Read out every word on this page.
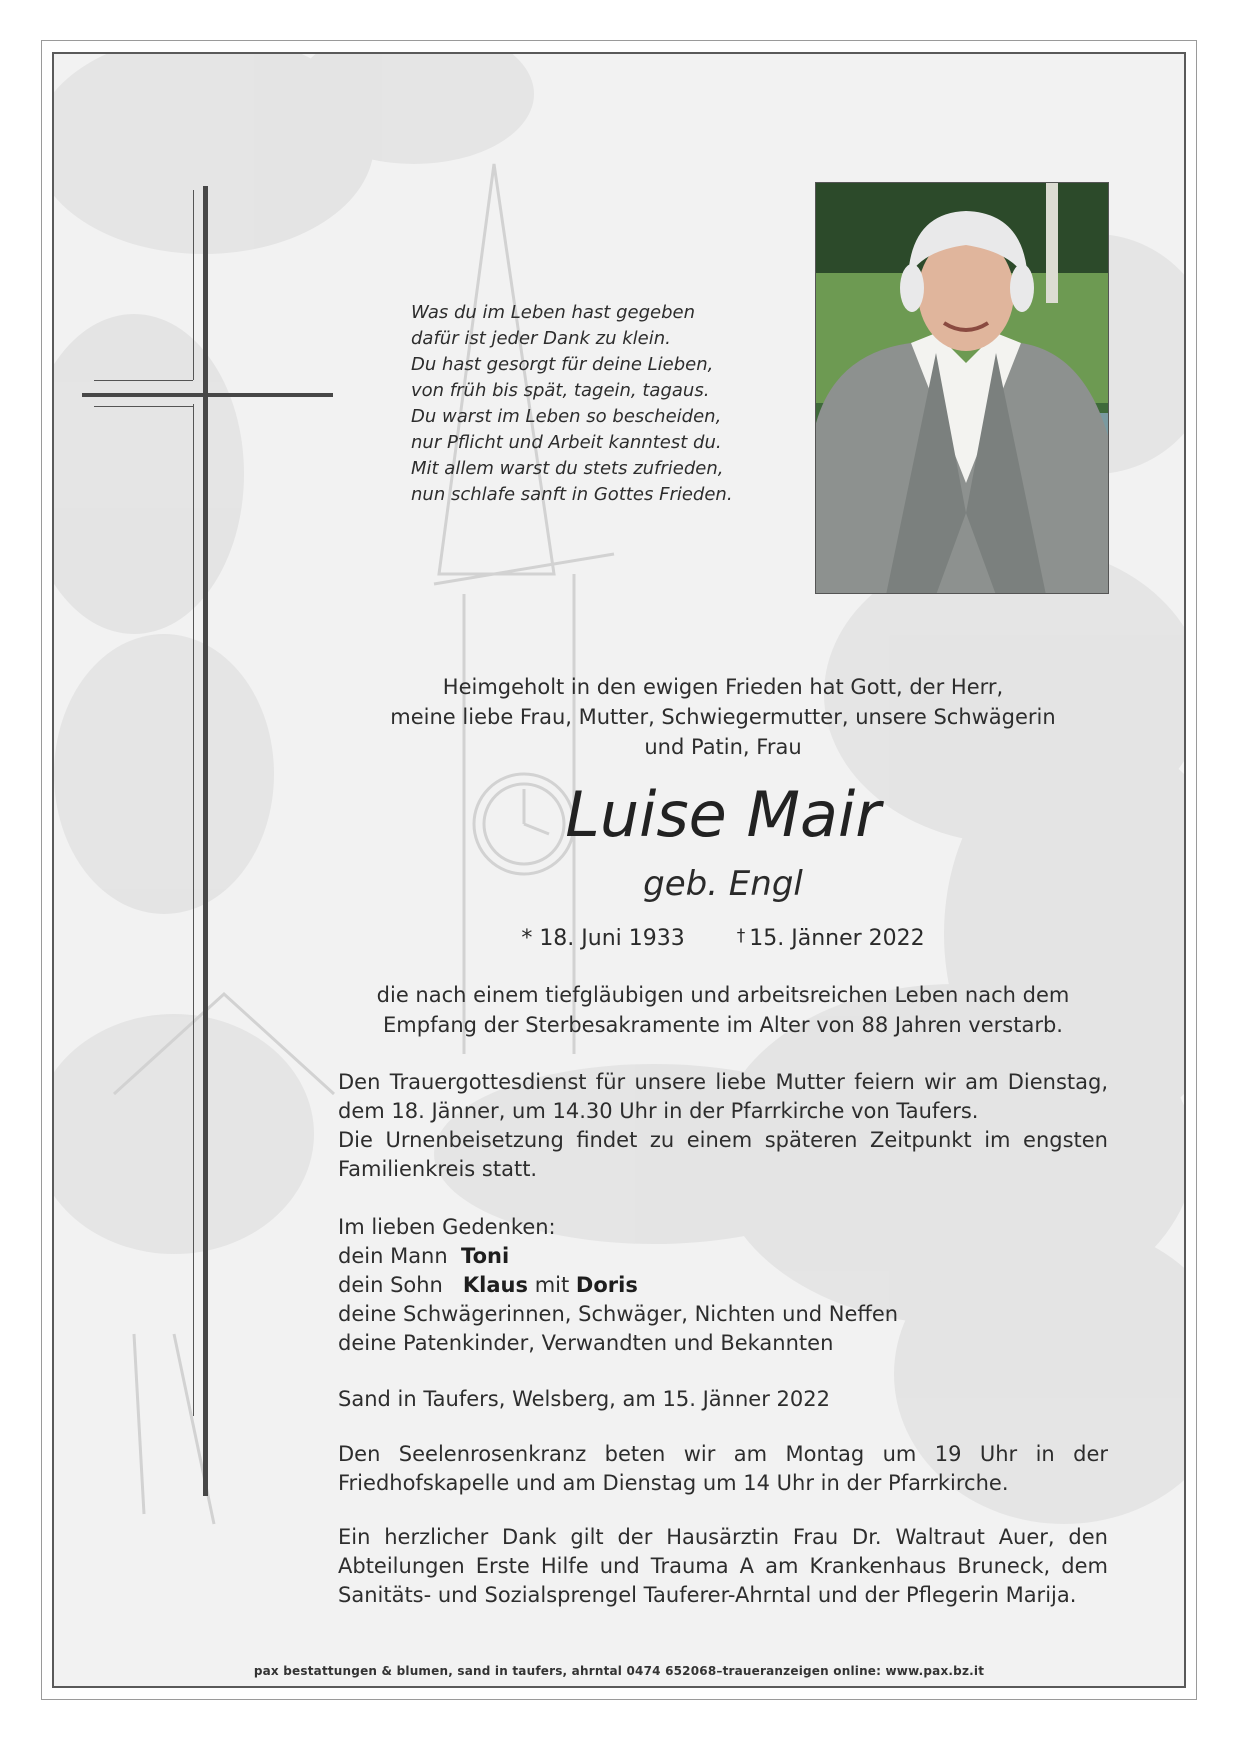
Was du im Leben hast gegeben
dafür ist jeder Dank zu klein.
Du hast gesorgt für deine Lieben,
von früh bis spät, tagein, tagaus.
Du warst im Leben so bescheiden,
nur Pflicht und Arbeit kanntest du.
Mit allem warst du stets zufrieden,
nun schlafe sanft in Gottes Frieden.
Heimgeholt in den ewigen Frieden hat Gott, der Herr,
meine liebe Frau, Mutter, Schwiegermutter, unsere Schwägerin
und Patin, Frau
Luise Mair
geb. Engl
* 18. Juni 1933	† 15. Jänner 2022
die nach einem tiefgläubigen und arbeitsreichen Leben nach dem
Empfang der Sterbesakramente im Alter von 88 Jahren verstarb.
Den Trauergottesdienst für unsere liebe Mutter feiern wir am Dienstag,
dem 18. Jänner, um 14.30 Uhr in der Pfarrkirche von Taufers.
Die Urnenbeisetzung findet zu einem späteren Zeitpunkt im engsten
Familienkreis statt.
Im lieben Gedenken:
dein Mann Toni
dein Sohn Klaus mit Doris
deine Schwägerinnen, Schwäger, Nichten und Neffen
deine Patenkinder, Verwandten und Bekannten
Sand in Taufers, Welsberg, am 15. Jänner 2022
Den Seelenrosenkranz beten wir am Montag um 19 Uhr in der
Friedhofskapelle und am Dienstag um 14 Uhr in der Pfarrkirche.
Ein herzlicher Dank gilt der Hausärztin Frau Dr. Waltraut Auer, den
Abteilungen Erste Hilfe und Trauma A am Krankenhaus Bruneck, dem
Sanitäts- und Sozialsprengel Tauferer-Ahrntal und der Pflegerin Marija.
pax bestattungen & blumen, sand in taufers, ahrntal 0474 652068–traueranzeigen online: www.pax.bz.it
